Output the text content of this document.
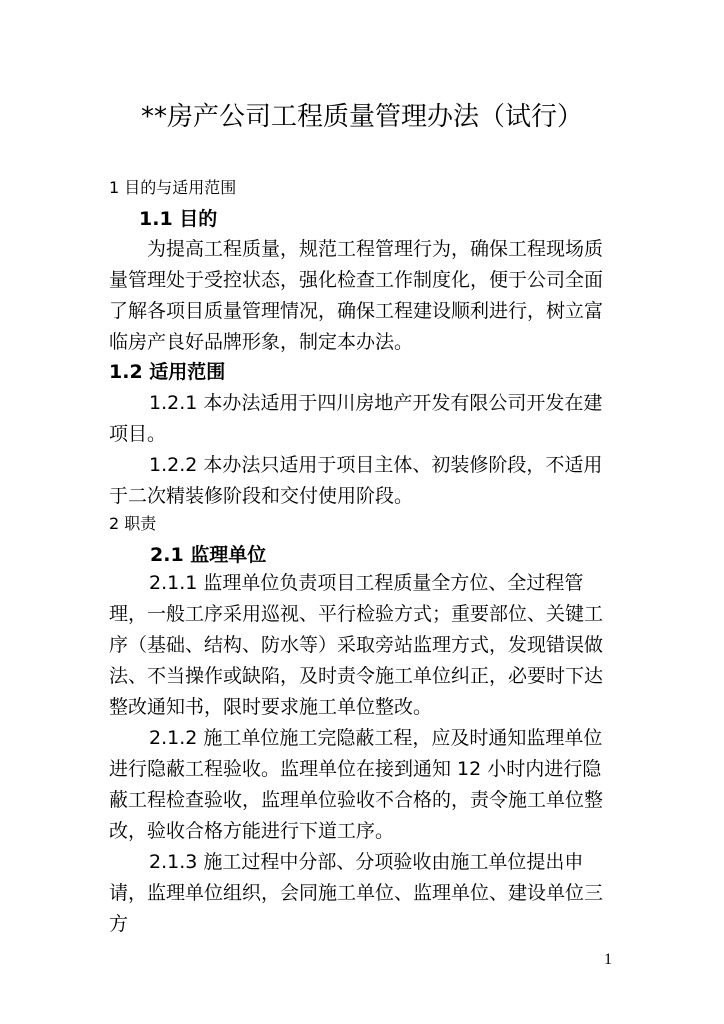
**房产公司工程质量管理办法（试行）
1 目的与适用范围
1.1 目的
为提高工程质量，规范工程管理行为，确保工程现场质量管理处于受控状态，强化检查工作制度化，便于公司全面了解各项目质量管理情况，确保工程建设顺利进行，树立富临房产良好品牌形象，制定本办法。
1.2 适用范围
1.2.1 本办法适用于四川房地产开发有限公司开发在建项目。
1.2.2 本办法只适用于项目主体、初装修阶段，不适用于二次精装修阶段和交付使用阶段。
2 职责
2.1 监理单位
2.1.1 监理单位负责项目工程质量全方位、全过程管理，一般工序采用巡视、平行检验方式；重要部位、关键工序（基础、结构、防水等）采取旁站监理方式，发现错误做法、不当操作或缺陷，及时责令施工单位纠正，必要时下达整改通知书，限时要求施工单位整改。
2.1.2 施工单位施工完隐蔽工程，应及时通知监理单位进行隐蔽工程验收。监理单位在接到通知 12 小时内进行隐蔽工程检查验收，监理单位验收不合格的，责令施工单位整改，验收合格方能进行下道工序。
2.1.3 施工过程中分部、分项验收由施工单位提出申请，监理单位组织，会同施工单位、监理单位、建设单位三方
1
